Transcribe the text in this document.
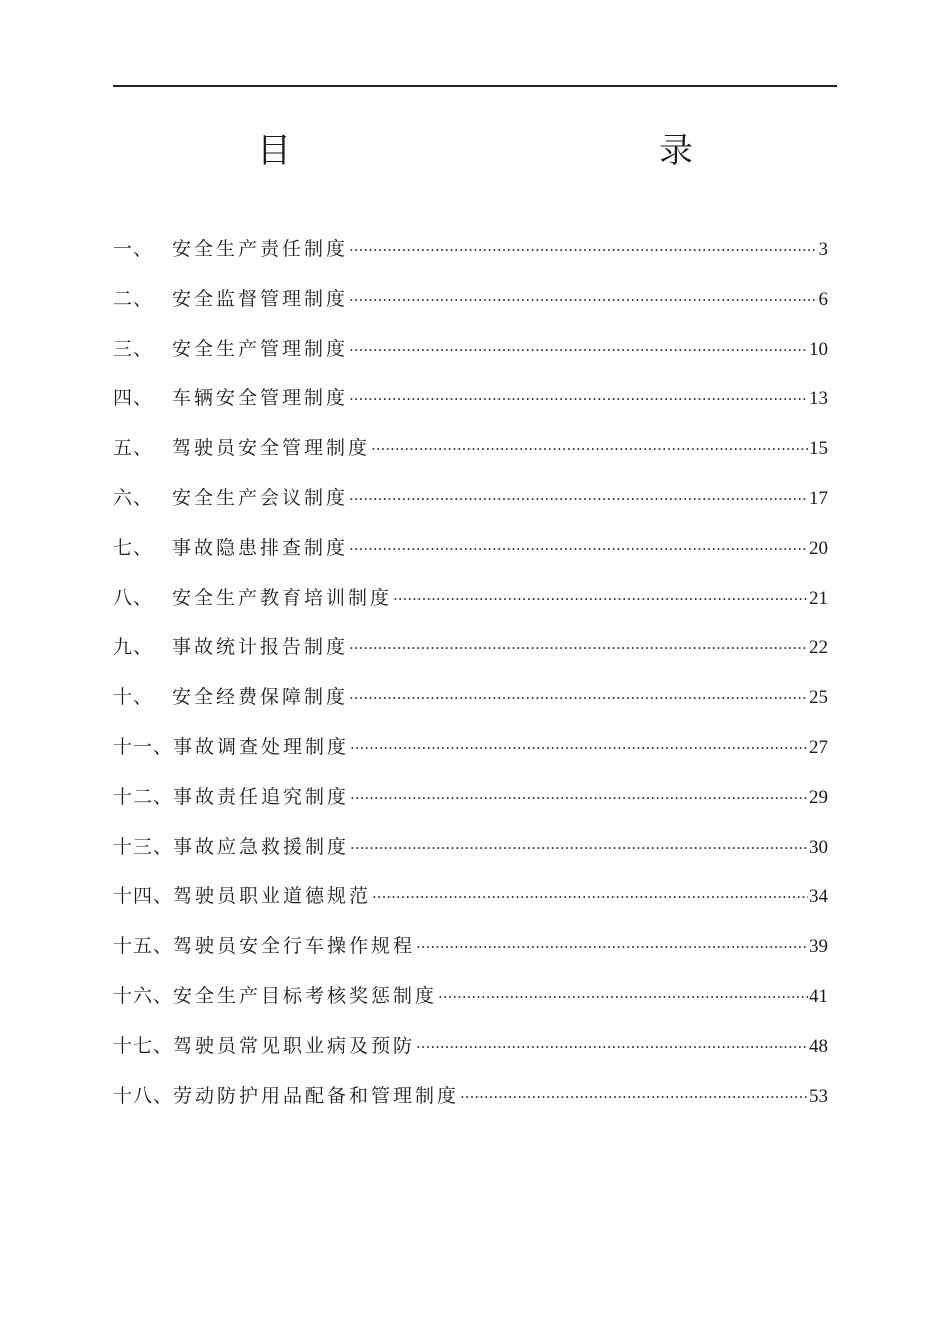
目　　录
一、 安全生产责任制度 ·····	3
二、 安全监督管理制度 ·····	6
三、 安全生产管理制度 ·····	10
四、 车辆安全管理制度 ·····	13
五、 驾驶员安全管理制度 ·····	15
六、 安全生产会议制度 ·····	17
七、 事故隐患排查制度 ·····	20
八、 安全生产教育培训制度 ·····	21
九、 事故统计报告制度 ·····	22
十、 安全经费保障制度 ·····	25
十一、 事故调查处理制度 ·····	27
十二、 事故责任追究制度 ·····	29
十三、 事故应急救援制度 ·····	30
十四、 驾驶员职业道德规范 ·····	34
十五、 驾驶员安全行车操作规程 ·····	39
十六、 安全生产目标考核奖惩制度 ·····	41
十七、 驾驶员常见职业病及预防 ·····	48
十八、 劳动防护用品配备和管理制度 ·····	53
